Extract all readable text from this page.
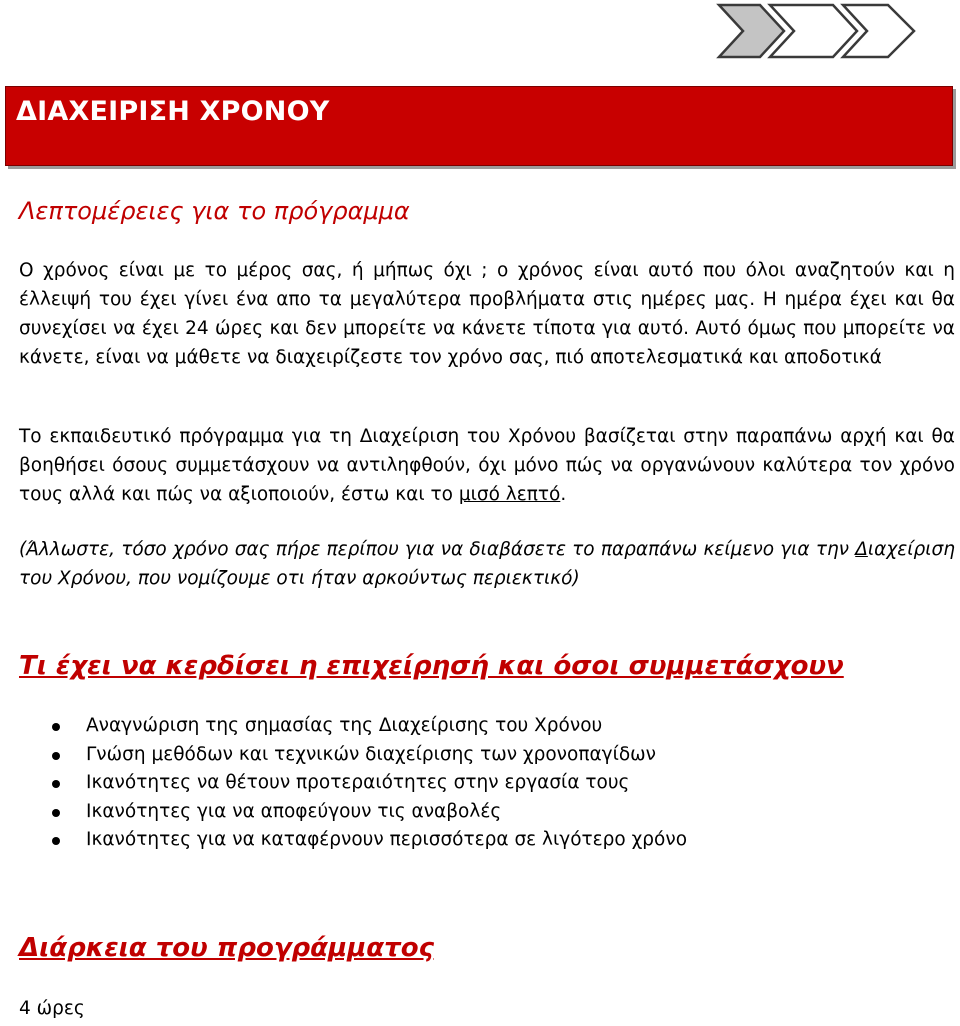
ΔΙΑΧΕΙΡΙΣΗ ΧΡΟΝΟΥ
Λεπτομέρειες για το πρόγραμμα

Ο χρόνος είναι με το μέρος σας, ή μήπως όχι ; ο χρόνος είναι αυτό που όλοι αναζητούν και η έλλειψή του έχει γίνει ένα απο τα μεγαλύτερα προβλήματα στις ημέρες μας. Η ημέρα έχει και θα συνεχίσει να έχει 24 ώρες και δεν μπορείτε να κάνετε τίποτα για αυτό. Αυτό όμως που μπορείτε να κάνετε, είναι να μάθετε να διαχειρίζεστε τον χρόνο σας, πιό αποτελεσματικά και αποδοτικά

Το εκπαιδευτικό πρόγραμμα για τη Διαχείριση του Χρόνου βασίζεται στην παραπάνω αρχή και θα βοηθήσει όσους συμμετάσχουν να αντιληφθούν, όχι μόνο πώς να οργανώνουν καλύτερα τον χρόνο τους αλλά και πώς να αξιοποιούν, έστω και το μισό λεπτό.

(Άλλωστε, τόσο χρόνο σας πήρε περίπου για να διαβάσετε το παραπάνω κείμενο για την Διαχείριση του Χρόνου, που νομίζουμε οτι ήταν αρκούντως περιεκτικό)

Τι έχει να κερδίσει η επιχείρησή και όσοι συμμετάσχουν
Αναγνώριση της σημασίας της Διαχείρισης του Χρόνου
Γνώση μεθόδων και τεχνικών διαχείρισης των χρονοπαγίδων
Ικανότητες να θέτουν προτεραιότητες στην εργασία τους
Ικανότητες για να αποφεύγουν τις αναβολές
Ικανότητες για να καταφέρνουν περισσότερα σε λιγότερο χρόνο
Διάρκεια του προγράμματος

4 ώρες
